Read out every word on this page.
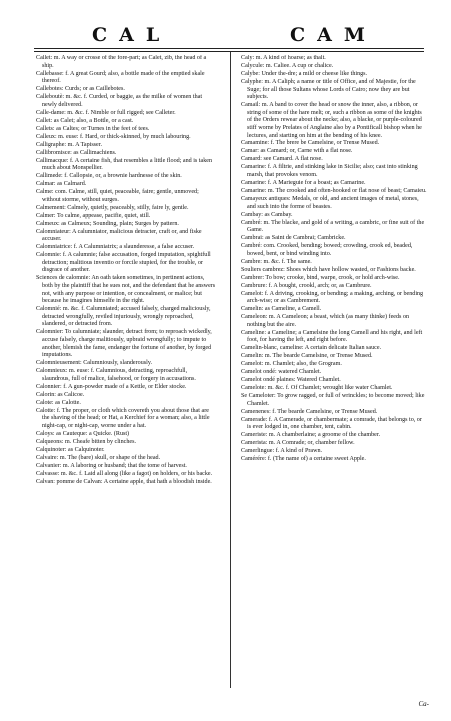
CAL	CAM

Callet: m. A way or crosse of the fore-part; as Calet, zib, the head of a ship.

Callebasse: f. A great Gourd; also, a bottle made of the emptied skale thereof.

Callebotes: Curds; or as Caillebotes.

Calleboutè: m. &c. f. Curded, or baggie, as the milke of women that newly delivered.

Calle-dame: m. &c. f. Nimble or full rigged; see Calleter.

Callet: as Calet; also, a Bottle, or a cast.

Callets: as Caltes; or Turnes in the feet of tees.

Calleux: m. euse: f. Hard, or thick-skinned, by much labouring.

Calligraphe: m. A Tapisser.

Callibromisce: as Callimachiens.

Callimacque: f. A certaine fish, that resembles a little flood; and is taken much about Monspellier.

Callimede: f. Callopsie, or, a brownie hardnesse of the skin.

Calmar: as Calmard.

Calme: com. Calme, still, quiet, peaceable, faire; gentle, unmoved; without storme, without surges.

Calmement: Calmely, quietly, peaceably, stilly, faire ly, gentle.

Calmer: To calme, appease, pacifie, quiet, still.

Calmeux: as Calmeux; Sounding, plain; Surges by pattern.

Calomniateur: A calumniator, malicious detracter, craft or, and fiske accuser.

Calomniatrice: f. A Calumniatrix; a slaunderesse, a false accuser.

Calomnie: f. A calumnie; false accusation, forged imputation, spightfull detraction; malitious inventio or forcile stupied, for the trouble, or disgrace of another.

Sciences de calomnie: An oath taken sometimes, in pertinent actions, both by the plaintiff that he sues not, and the defendant that he answers not, with any purpose or intention, or concealment, or malice; but because he imagines himselfe in the right.

Calomnié: m. &c. f. Calumniated; accused falsely, charged maliciously, detracted wrongfully, reviled injuriously, wrongly reproached, slandered, or detracted from.

Calomnier: To calumniate; slaunder, detract from; to reproach wickedly, accuse falsely, charge malitiously, upbraid wrongfully; to impute to another, blemish the fame, endanger the fortune of another, by forged imputations.

Calomnieusement: Calumniously, slanderously.

Calomnieux: m. euse: f. Calumnious, detracting, reproachfull, slaundrous, full of malice, falsehood, or forgery in accusations.

Calonnier: f. A gun-powder made of a Kettle, or Elder stocke.

Calorin: as Calicoe.

Calote: as Calotte.

Calotte: f. The proper, or cloth which covereth you about those that are the shaving of the head; or Hat, a Kerchief for a woman; also, a little night-cap, or night-cap, worne under a hat.

Caloys: as Cauteque: a Quicke. (Rust)

Calqueons: m. Cheafe bitten by clinches.

Calquinoter: as Calquinoter.

Calvaire: m. The (bare) skull, or shape of the head.

Calvanier: m. A laboring or husband; that the tome of harvest.

Calvasse: m. &c. f. Laid all along (like a fagot) on holders, or his backe.

Calvan: pomme de Calvan: A certaine apple, that hath a bloodish inside.

Caly: m. A kind of hoarse; as thalt.

Calycule: m. Caliee. A cup or chalice.

Calybe: Under the-dre; a mild or cheese like things.

Calyphe: m. A Caliph; a name or title of Office, and of Majestie, for the Suge; for all those Sultans whose Lords of Cairo; now they are but subjects.

Camail: m. A band to cover the head or snow the inner, also, a ribbon, or string of some of the hare melt; or, such a ribbon as some of the knights of the Orders rewear about the necke; also, a blacke, or purple-coloured stiff worne by Prelates of Anglaine also by a Pontificall bishop when he lectures, and starting on him at the bending of his knee.

Camamine: f. The brere be Camelsine, or Trense Mused.

Camar: as Camard; or, Carne with a flat nose.

Camard: see Camard. A flat nose.

Camarine: f. A filtrie, and stinking lake in Sicilie; also; cast into stinking marsh, that provokes venom.

Camarine: f. A Marieguie for a boast; as Camarine.

Camarine: m. The crooked and often-hooked or flat nose of beast; Camaieu.

Camayeux antiques: Medals, or old, and ancient images of metal, stones, and such into the forme of beastes.

Cambay: as Cambay.

Cambré: m. The blacke, and gold of a writing, a cambric, or fine suit of the Game.

Cambrai: as Saint de Cambrai; Cambricke.

Cambré: com. Crooked, bending; bowed; crowding, crook ed, beaded, bowed, bent, or bind winding into.

Cambre: m. &c. f. The same.

Souliers cambrez: Shoes which have hollow wasted, or Fashions backe.

Cambrer: To bow; crooke, bind, warpe, crook, or hold arch-wise.

Cambrure: f. A bought, crookl, arch; or, as Cambrure.

Camelot: f. A driving, crooking, or bending; a making, arching, or bending arch-wise; or as Cambrement.

Camelin: as Cameline, a Camell.

Cameleon: m. A Cameleon; a beast, which (as many thinke) feeds on nothing but the aire.

Cameline: a Cameline; a Camelsine the long Camell and his right, and left foot, for having the left, and right before.

Camelin-blanc, cameline: A certain delicate Italian sauce.

Camelin: m. The bearde Camelsine, or Trense Mused.

Camelot: m. Chamlet; also, the Grogram.

Camelot ondé: watered Chamlet.

Camelot ondé plaines: Watered Chamlet.

Camelote: m. &c. f. Of Chamlet; wrought like water Chamlet.

Se Cameloter: To grow ragged, or full of wrinckles; to become moved; like Chamlet.

Camenenes: f. The bearde Camelsine, or Trense Mused.

Camerade: f. A Camerade, or chambermate; a comrade, that belongs to, or is ever lodged in, one chamber, tent, cabin.

Cameriste: m. A chamberlaine; a groome of the chamber.

Camerista: m. A Comrade; or, chamber fellow.

Camerlingue: f. A kind of Prawn.

Camérére: f. (The name of) a certaine sweet Apple.

Ca-
